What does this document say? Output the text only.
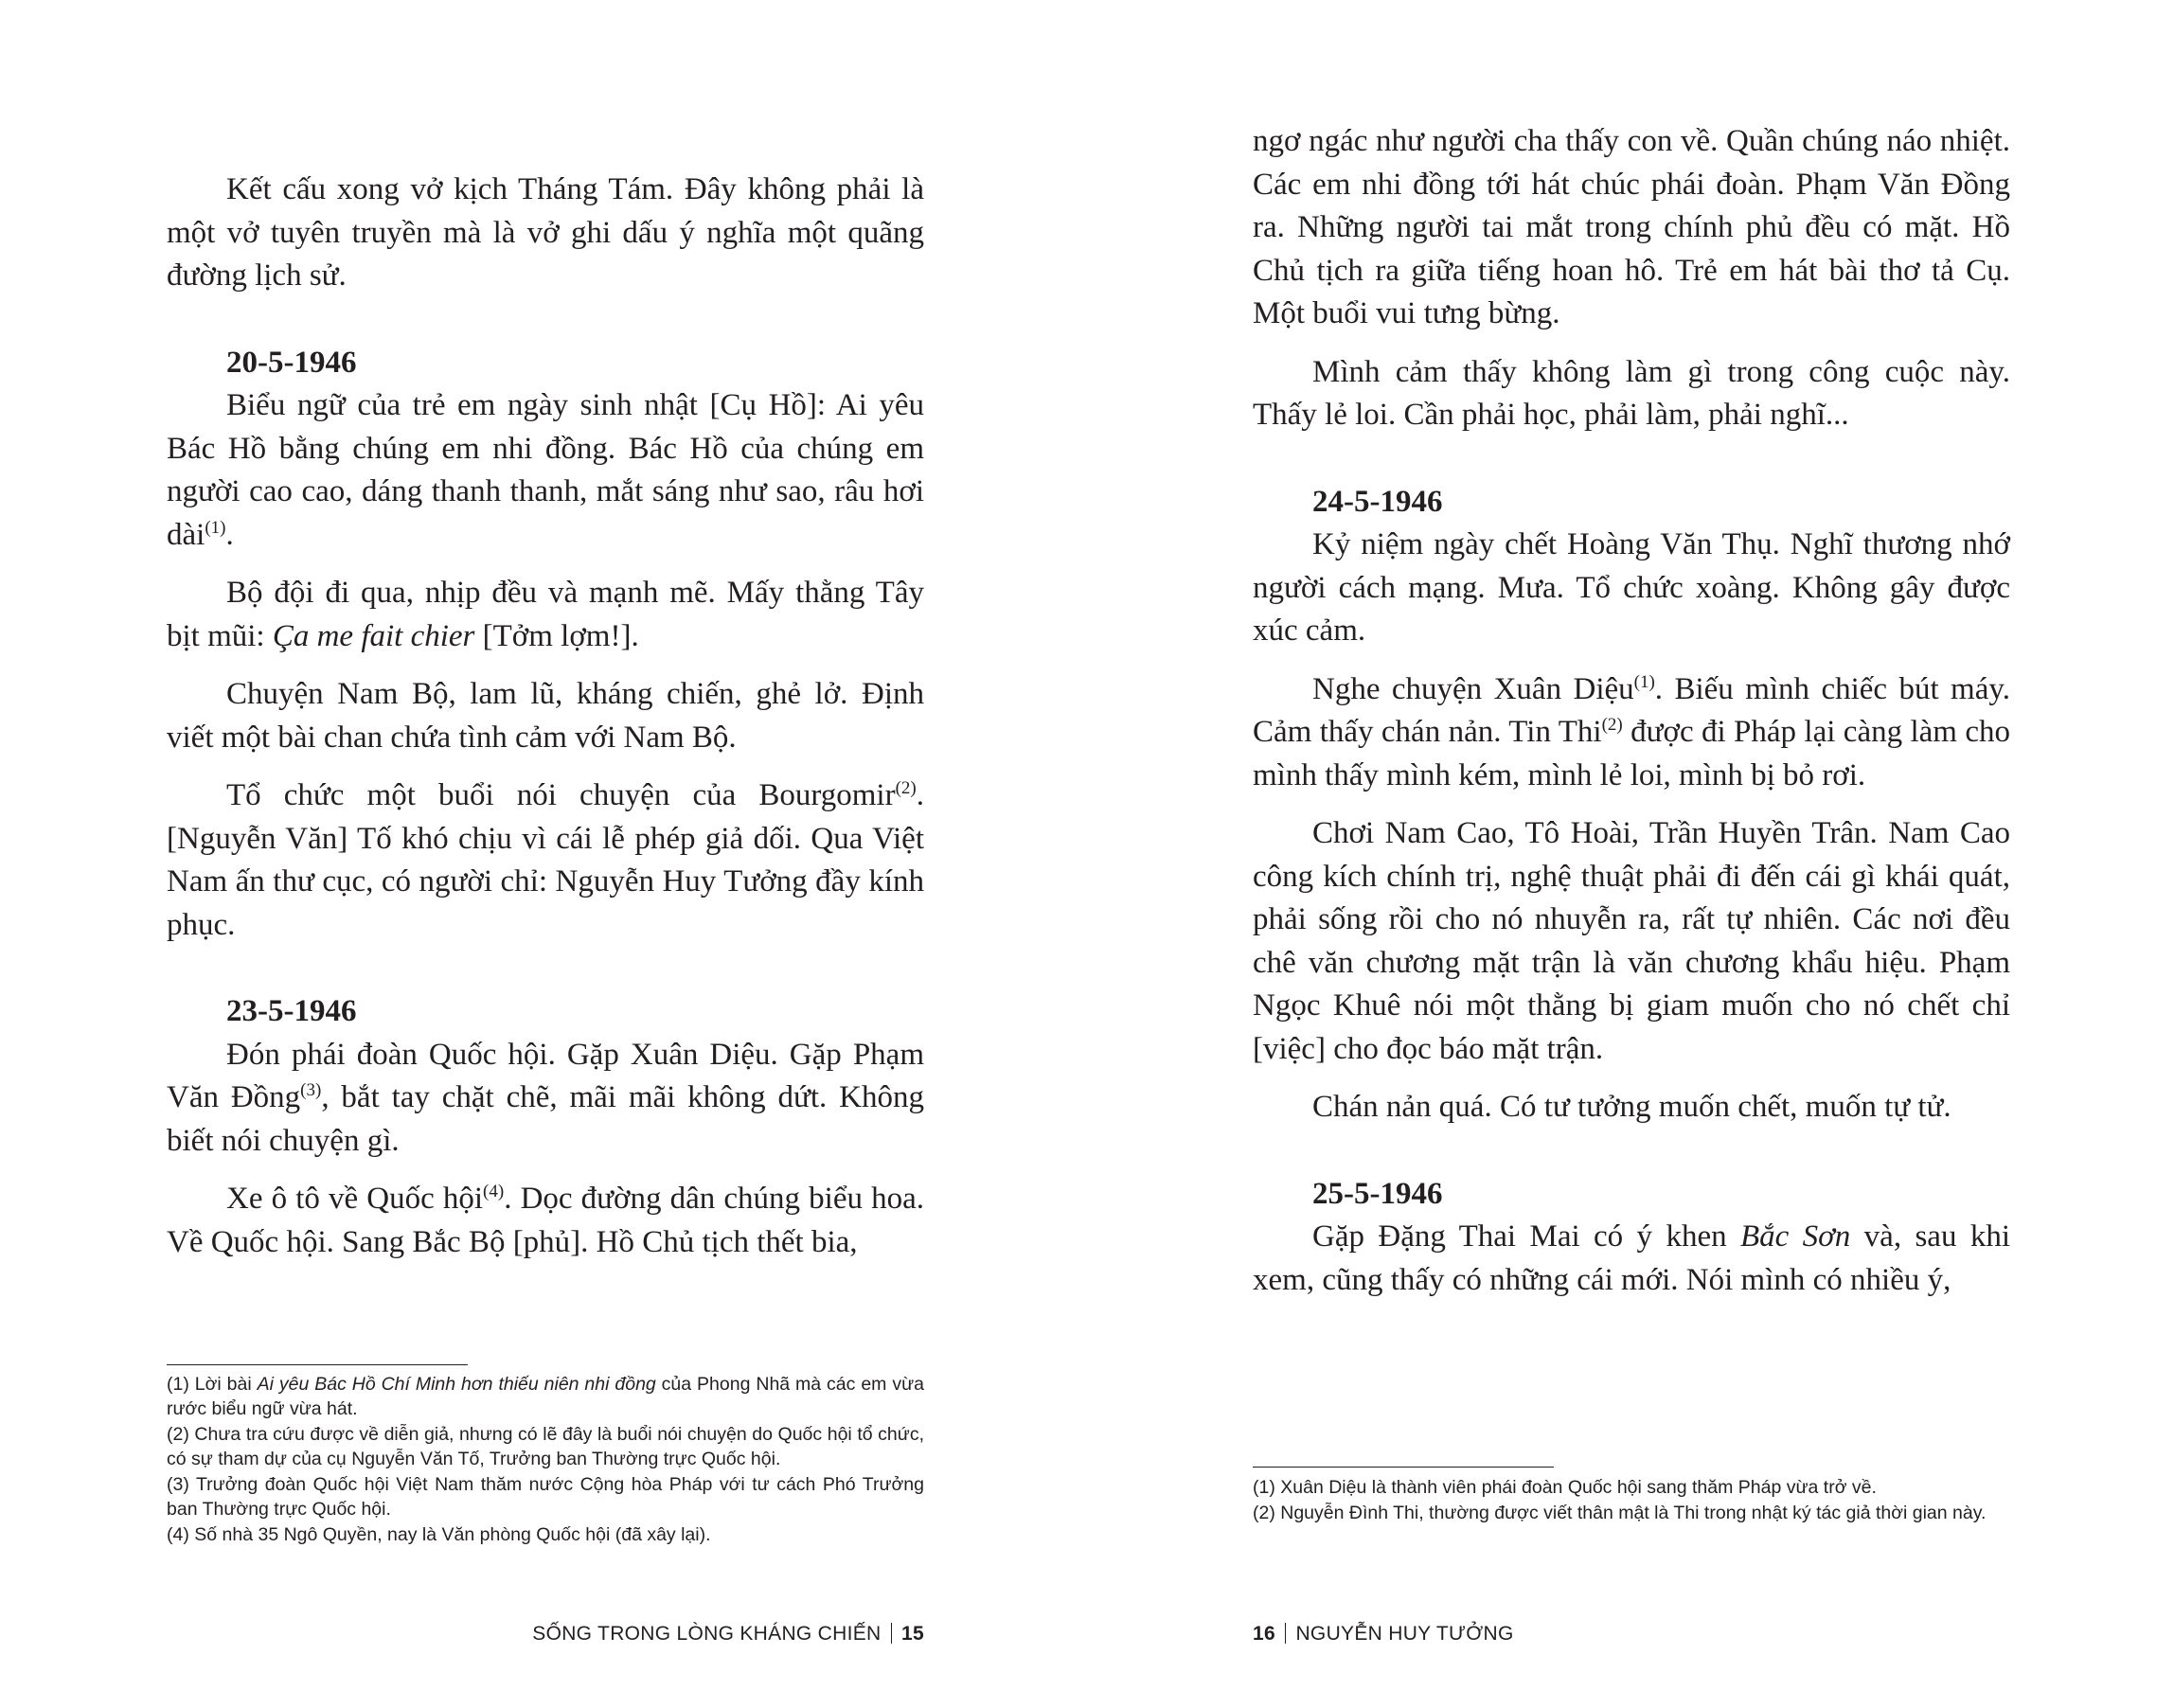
Kết cấu xong vở kịch Tháng Tám. Đây không phải là một vở tuyên truyền mà là vở ghi dấu ý nghĩa một quãng đường lịch sử.

20-5-1946

Biểu ngữ của trẻ em ngày sinh nhật [Cụ Hồ]: Ai yêu Bác Hồ bằng chúng em nhi đồng. Bác Hồ của chúng em người cao cao, dáng thanh thanh, mắt sáng như sao, râu hơi dài$^{(1)}$.

Bộ đội đi qua, nhịp đều và mạnh mẽ. Mấy thằng Tây bịt mũi: Ça me fait chier [Tởm lợm!].

Chuyện Nam Bộ, lam lũ, kháng chiến, ghẻ lở. Định viết một bài chan chứa tình cảm với Nam Bộ.

Tổ chức một buổi nói chuyện của Bourgomir$^{(2)}$. [Nguyễn Văn] Tố khó chịu vì cái lễ phép giả dối. Qua Việt Nam ấn thư cục, có người chỉ: Nguyễn Huy Tưởng đầy kính phục.

23-5-1946

Đón phái đoàn Quốc hội. Gặp Xuân Diệu. Gặp Phạm Văn Đồng$^{(3)}$, bắt tay chặt chẽ, mãi mãi không dứt. Không biết nói chuyện gì.

Xe ô tô về Quốc hội$^{(4)}$. Dọc đường dân chúng biểu hoa. Về Quốc hội. Sang Bắc Bộ [phủ]. Hồ Chủ tịch thết bia,

(1) Lời bài Ai yêu Bác Hồ Chí Minh hơn thiếu niên nhi đồng của Phong Nhã mà các em vừa rước biểu ngữ vừa hát.
(2) Chưa tra cứu được về diễn giả, nhưng có lẽ đây là buổi nói chuyện do Quốc hội tổ chức, có sự tham dự của cụ Nguyễn Văn Tố, Trưởng ban Thường trực Quốc hội.
(3) Trưởng đoàn Quốc hội Việt Nam thăm nước Cộng hòa Pháp với tư cách Phó Trưởng ban Thường trực Quốc hội.
(4) Số nhà 35 Ngô Quyền, nay là Văn phòng Quốc hội (đã xây lại).
SỐNG TRONG LÒNG KHÁNG CHIẾN 15

ngơ ngác như người cha thấy con về. Quần chúng náo nhiệt. Các em nhi đồng tới hát chúc phái đoàn. Phạm Văn Đồng ra. Những người tai mắt trong chính phủ đều có mặt. Hồ Chủ tịch ra giữa tiếng hoan hô. Trẻ em hát bài thơ tả Cụ. Một buổi vui tưng bừng.

Mình cảm thấy không làm gì trong công cuộc này. Thấy lẻ loi. Cần phải học, phải làm, phải nghĩ...

24-5-1946

Kỷ niệm ngày chết Hoàng Văn Thụ. Nghĩ thương nhớ người cách mạng. Mưa. Tổ chức xoàng. Không gây được xúc cảm.

Nghe chuyện Xuân Diệu$^{(1)}$. Biếu mình chiếc bút máy. Cảm thấy chán nản. Tin Thi$^{(2)}$ được đi Pháp lại càng làm cho mình thấy mình kém, mình lẻ loi, mình bị bỏ rơi.

Chơi Nam Cao, Tô Hoài, Trần Huyền Trân. Nam Cao công kích chính trị, nghệ thuật phải đi đến cái gì khái quát, phải sống rồi cho nó nhuyễn ra, rất tự nhiên. Các nơi đều chê văn chương mặt trận là văn chương khẩu hiệu. Phạm Ngọc Khuê nói một thằng bị giam muốn cho nó chết chỉ [việc] cho đọc báo mặt trận.

Chán nản quá. Có tư tưởng muốn chết, muốn tự tử.

25-5-1946

Gặp Đặng Thai Mai có ý khen Bắc Sơn và, sau khi xem, cũng thấy có những cái mới. Nói mình có nhiều ý,

(1) Xuân Diệu là thành viên phái đoàn Quốc hội sang thăm Pháp vừa trở về.
(2) Nguyễn Đình Thi, thường được viết thân mật là Thi trong nhật ký tác giả thời gian này.
16 NGUYỄN HUY TƯỞNG
